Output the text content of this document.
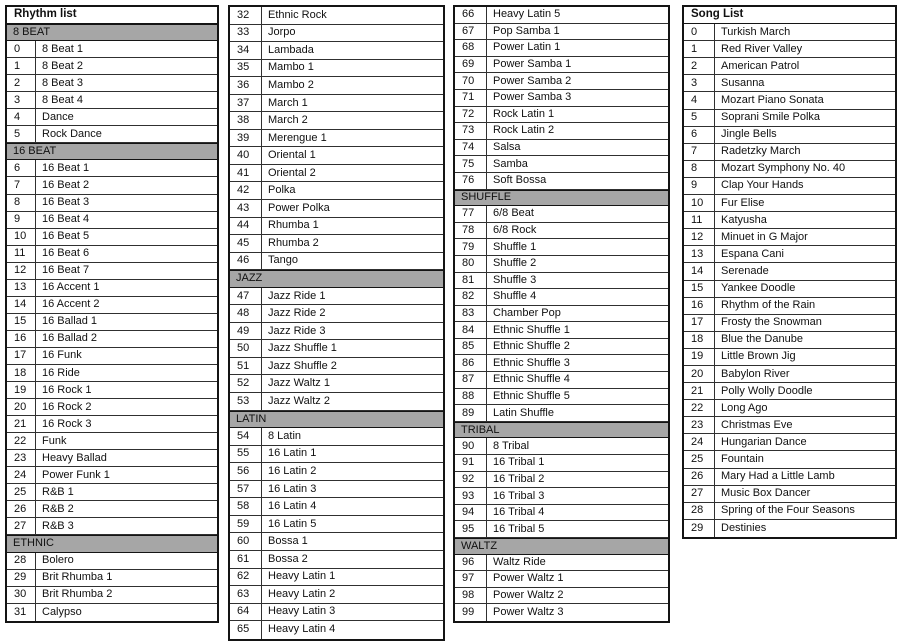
Rhythm list
8 BEAT
0	8 Beat 1
1	8 Beat 2
2	8 Beat 3
3	8 Beat 4
4	Dance
5	Rock Dance
16 BEAT
6	16 Beat 1
7	16 Beat 2
8	16 Beat 3
9	16 Beat 4
10	16 Beat 5
11	16 Beat 6
12	16 Beat 7
13	16 Accent 1
14	16 Accent 2
15	16 Ballad 1
16	16 Ballad 2
17	16 Funk
18	16 Ride
19	16 Rock 1
20	16 Rock 2
21	16 Rock 3
22	Funk
23	Heavy Ballad
24	Power Funk 1
25	R&B 1
26	R&B 2
27	R&B 3
ETHNIC
28	Bolero
29	Brit Rhumba 1
30	Brit Rhumba 2
31	Calypso
32	Ethnic Rock
33	Jorpo
34	Lambada
35	Mambo 1
36	Mambo 2
37	March 1
38	March 2
39	Merengue 1
40	Oriental 1
41	Oriental 2
42	Polka
43	Power Polka
44	Rhumba 1
45	Rhumba 2
46	Tango
JAZZ
47	Jazz Ride 1
48	Jazz Ride 2
49	Jazz Ride 3
50	Jazz Shuffle 1
51	Jazz Shuffle 2
52	Jazz Waltz 1
53	Jazz Waltz 2
LATIN
54	8 Latin
55	16 Latin 1
56	16 Latin 2
57	16 Latin 3
58	16 Latin 4
59	16 Latin 5
60	Bossa 1
61	Bossa 2
62	Heavy Latin 1
63	Heavy Latin 2
64	Heavy Latin 3
65	Heavy Latin 4
66	Heavy Latin 5
67	Pop Samba 1
68	Power Latin 1
69	Power Samba 1
70	Power Samba 2
71	Power Samba 3
72	Rock Latin 1
73	Rock Latin 2
74	Salsa
75	Samba
76	Soft Bossa
SHUFFLE
77	6/8 Beat
78	6/8 Rock
79	Shuffle 1
80	Shuffle 2
81	Shuffle 3
82	Shuffle 4
83	Chamber Pop
84	Ethnic Shuffle 1
85	Ethnic Shuffle 2
86	Ethnic Shuffle 3
87	Ethnic Shuffle 4
88	Ethnic Shuffle 5
89	Latin Shuffle
TRIBAL
90	8 Tribal
91	16 Tribal 1
92	16 Tribal 2
93	16 Tribal 3
94	16 Tribal 4
95	16 Tribal 5
WALTZ
96	Waltz Ride
97	Power Waltz 1
98	Power Waltz 2
99	Power Waltz 3
Song List
0	Turkish March
1	Red River Valley
2	American Patrol
3	Susanna
4	Mozart Piano Sonata
5	Soprani Smile Polka
6	Jingle Bells
7	Radetzky March
8	Mozart Symphony No. 40
9	Clap Your Hands
10	Fur Elise
11	Katyusha
12	Minuet in G Major
13	Espana Cani
14	Serenade
15	Yankee Doodle
16	Rhythm of the Rain
17	Frosty the Snowman
18	Blue the Danube
19	Little Brown Jig
20	Babylon River
21	Polly Wolly Doodle
22	Long Ago
23	Christmas Eve
24	Hungarian Dance
25	Fountain
26	Mary Had a Little Lamb
27	Music Box Dancer
28	Spring of the Four Seasons
29	Destinies
